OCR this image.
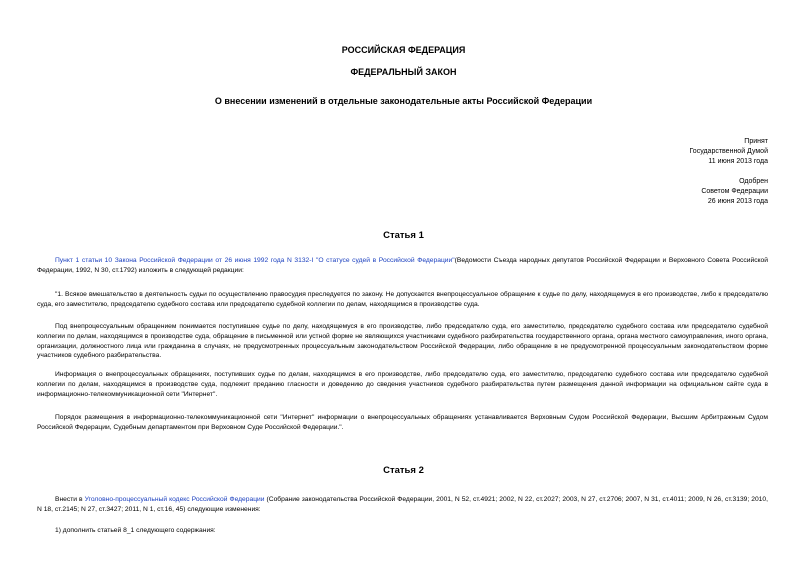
РОССИЙСКАЯ ФЕДЕРАЦИЯ
ФЕДЕРАЛЬНЫЙ ЗАКОН
О внесении изменений в отдельные законодательные акты Российской Федерации
Принят
Государственной Думой
11 июня 2013 года
Одобрен
Советом Федерации
26 июня 2013 года
Статья 1
Пункт 1 статьи 10 Закона Российской Федерации от 26 июня 1992 года N 3132-I "О статусе судей в Российской Федерации"(Ведомости Съезда народных депутатов Российской Федерации и Верховного Совета Российской Федерации, 1992, N 30, ст.1792) изложить в следующей редакции:
"1. Всякое вмешательство в деятельность судьи по осуществлению правосудия преследуется по закону. Не допускается внепроцессуальное обращение к судье по делу, находящемуся в его производстве, либо к председателю суда, его заместителю, председателю судебного состава или председателю судебной коллегии по делам, находящимся в производстве суда.
Под внепроцессуальным обращением понимается поступившее судье по делу, находящемуся в его производстве, либо председателю суда, его заместителю, председателю судебного состава или председателю судебной коллегии по делам, находящимся в производстве суда, обращение в письменной или устной форме не являющихся участниками судебного разбирательства государственного органа, органа местного самоуправления, иного органа, организации, должностного лица или гражданина в случаях, не предусмотренных процессуальным законодательством Российской Федерации, либо обращение в не предусмотренной процессуальным законодательством форме участников судебного разбирательства.
Информация о внепроцессуальных обращениях, поступивших судье по делам, находящимся в его производстве, либо председателю суда, его заместителю, председателю судебного состава или председателю судебной коллегии по делам, находящимся в производстве суда, подлежит преданию гласности и доведению до сведения участников судебного разбирательства путем размещения данной информации на официальном сайте суда в информационно-телекоммуникационной сети "Интернет".
Порядок размещения в информационно-телекоммуникационной сети "Интернет" информации о внепроцессуальных обращениях устанавливается Верховным Судом Российской Федерации, Высшим Арбитражным Судом Российской Федерации, Судебным департаментом при Верховном Суде Российской Федерации.".
Статья 2
Внести в Уголовно-процессуальный кодекс Российской Федерации (Собрание законодательства Российской Федерации, 2001, N 52, ст.4921; 2002, N 22, ст.2027; 2003, N 27, ст.2706; 2007, N 31, ст.4011; 2009, N 26, ст.3139; 2010, N 18, ст.2145; N 27, ст.3427; 2011, N 1, ст.16, 45) следующие изменения:
1) дополнить статьей 8_1 следующего содержания:
